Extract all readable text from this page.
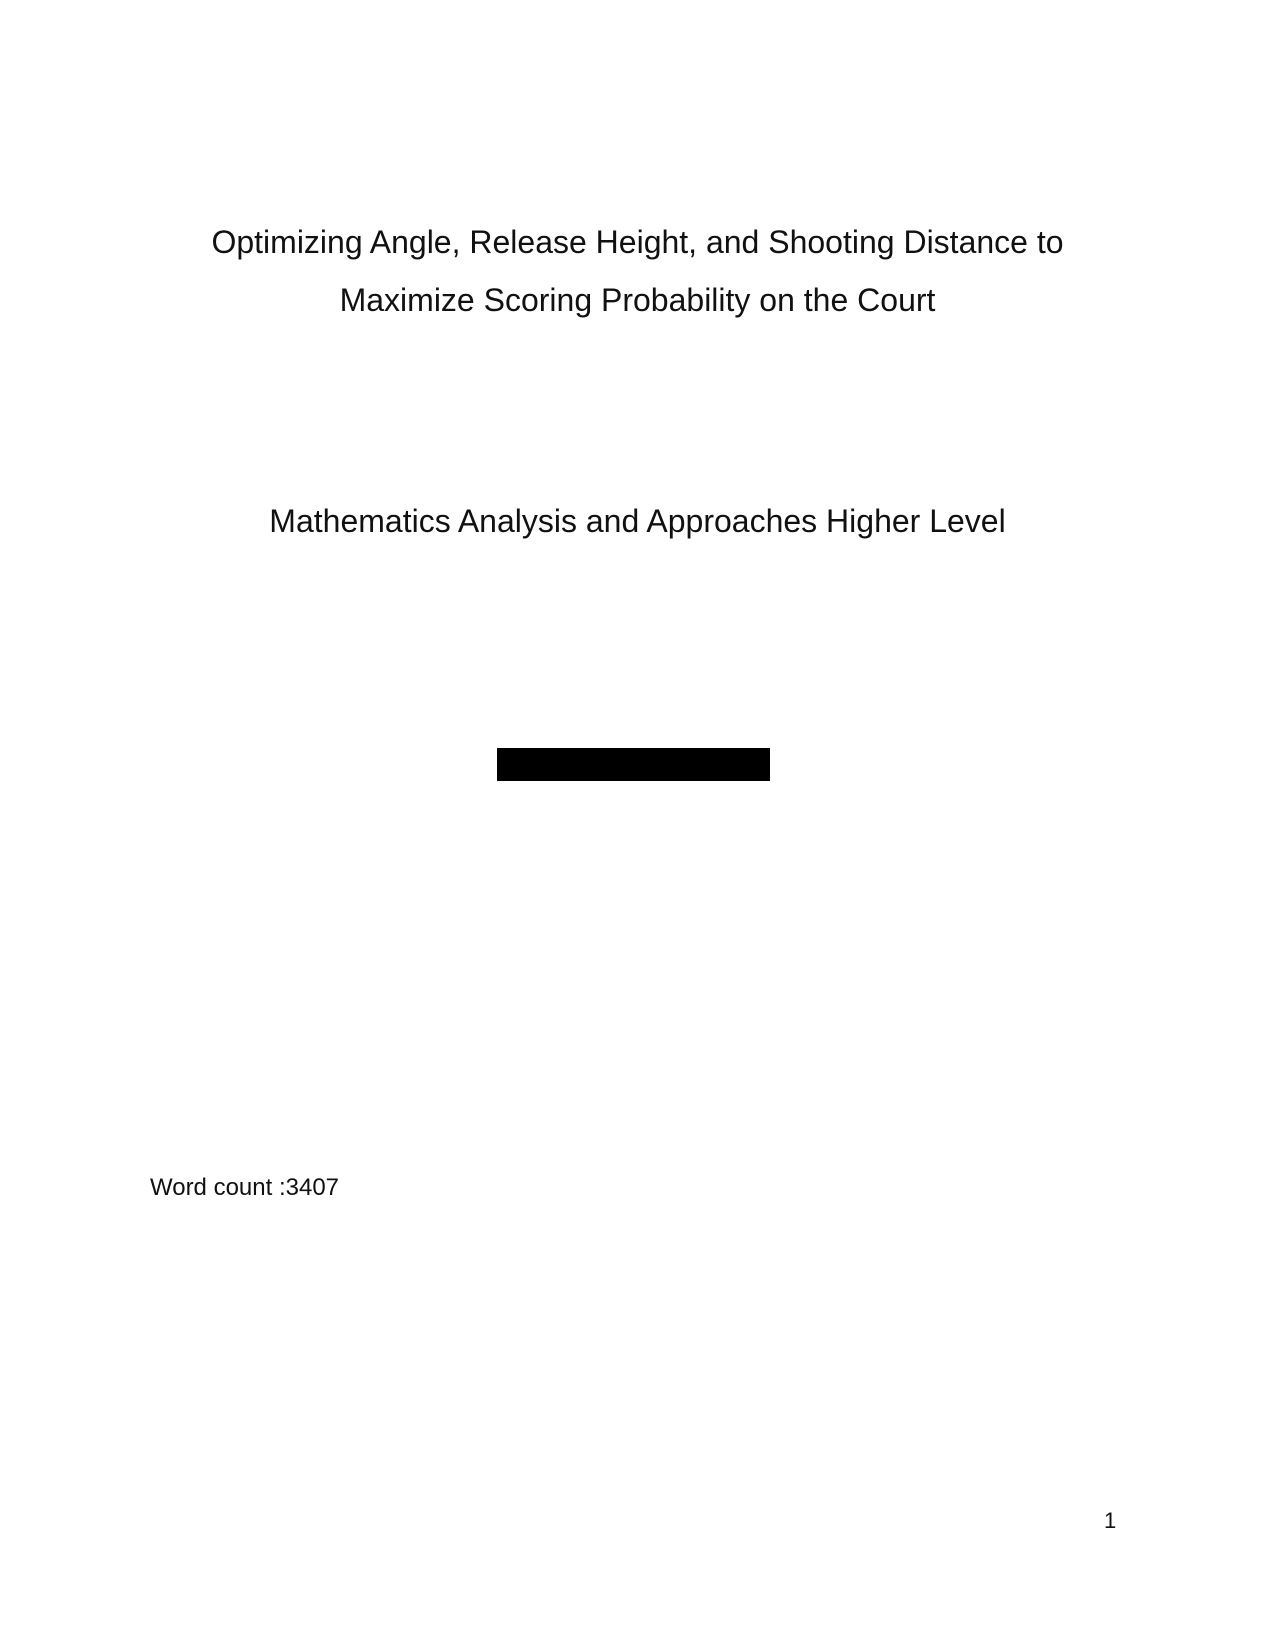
Optimizing Angle, Release Height, and Shooting Distance to
Maximize Scoring Probability on the Court
Mathematics Analysis and Approaches Higher Level
Word count :3407
1
